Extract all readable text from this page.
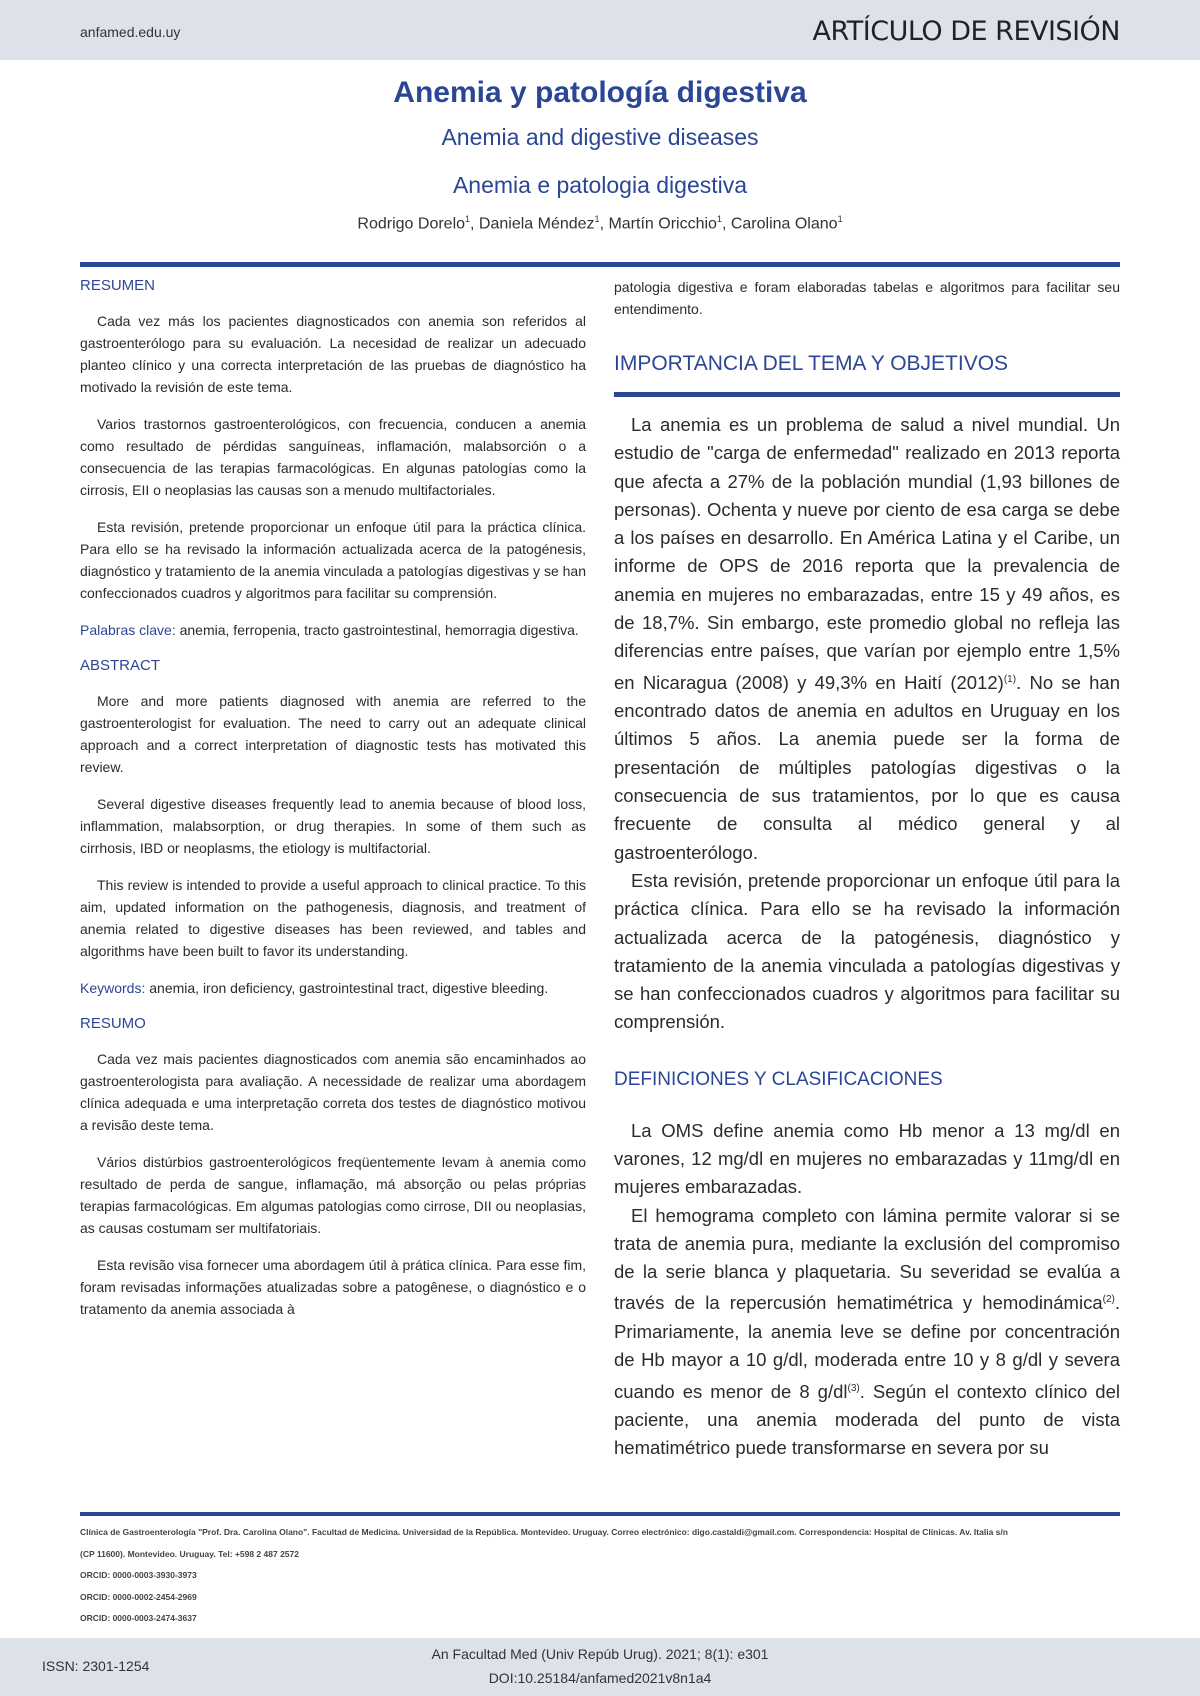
anfamed.edu.uy	ARTÍCULO DE REVISIÓN
Anemia y patología digestiva
Anemia and digestive diseases
Anemia e patologia digestiva
Rodrigo Dorelo$^1$, Daniela Méndez$^1$, Martín Oricchio$^1$, Carolina Olano$^1$
RESUMEN

Cada vez más los pacientes diagnosticados con anemia son referidos al gastroenterólogo para su evaluación. La necesidad de realizar un adecuado planteo clínico y una correcta interpretación de las pruebas de diagnóstico ha motivado la revisión de este tema.

Varios trastornos gastroenterológicos, con frecuencia, conducen a anemia como resultado de pérdidas sanguíneas, inflamación, malabsorción o a consecuencia de las terapias farmacológicas. En algunas patologías como la cirrosis, EII o neoplasias las causas son a menudo multifactoriales.

Esta revisión, pretende proporcionar un enfoque útil para la práctica clínica. Para ello se ha revisado la información actualizada acerca de la patogénesis, diagnóstico y tratamiento de la anemia vinculada a patologías digestivas y se han confeccionados cuadros y algoritmos para facilitar su comprensión.

Palabras clave: anemia, ferropenia, tracto gastrointestinal, hemorragia digestiva.

ABSTRACT

More and more patients diagnosed with anemia are referred to the gastroenterologist for evaluation. The need to carry out an adequate clinical approach and a correct interpretation of diagnostic tests has motivated this review.

Several digestive diseases frequently lead to anemia because of blood loss, inflammation, malabsorption, or drug therapies. In some of them such as cirrhosis, IBD or neoplasms, the etiology is multifactorial.

This review is intended to provide a useful approach to clinical practice. To this aim, updated information on the pathogenesis, diagnosis, and treatment of anemia related to digestive diseases has been reviewed, and tables and algorithms have been built to favor its understanding.

Keywords: anemia, iron deficiency, gastrointestinal tract, digestive bleeding.

RESUMO

Cada vez mais pacientes diagnosticados com anemia são encaminhados ao gastroenterologista para avaliação. A necessidade de realizar uma abordagem clínica adequada e uma interpretação correta dos testes de diagnóstico motivou a revisão deste tema.

Vários distúrbios gastroenterológicos freqüentemente levam à anemia como resultado de perda de sangue, inflamação, má absorção ou pelas próprias terapias farmacológicas. Em algumas patologias como cirrose, DII ou neoplasias, as causas costumam ser multifatoriais.

Esta revisão visa fornecer uma abordagem útil à prática clínica. Para esse fim, foram revisadas informações atualizadas sobre a patogênese, o diagnóstico e o tratamento da anemia associada à

patologia digestiva e foram elaboradas tabelas e algoritmos para facilitar seu entendimento.

IMPORTANCIA DEL TEMA Y OBJETIVOS

La anemia es un problema de salud a nivel mundial. Un estudio de "carga de enfermedad" realizado en 2013 reporta que afecta a 27% de la población mundial (1,93 billones de personas). Ochenta y nueve por ciento de esa carga se debe a los países en desarrollo. En América Latina y el Caribe, un informe de OPS de 2016 reporta que la prevalencia de anemia en mujeres no embarazadas, entre 15 y 49 años, es de 18,7%. Sin embargo, este promedio global no refleja las diferencias entre países, que varían por ejemplo entre 1,5% en Nicaragua (2008) y 49,3% en Haití $(2012)^{(1)}$. No se han encontrado datos de anemia en adultos en Uruguay en los últimos 5 años. La anemia puede ser la forma de presentación de múltiples patologías digestivas o la consecuencia de sus tratamientos, por lo que es causa frecuente de consulta al médico general y al gastroenterólogo.

Esta revisión, pretende proporcionar un enfoque útil para la práctica clínica. Para ello se ha revisado la información actualizada acerca de la patogénesis, diagnóstico y tratamiento de la anemia vinculada a patologías digestivas y se han confeccionados cuadros y algoritmos para facilitar su comprensión.

DEFINICIONES Y CLASIFICACIONES

La OMS define anemia como Hb menor a 13 mg/dl en varones, 12 mg/dl en mujeres no embarazadas y 11mg/dl en mujeres embarazadas.

El hemograma completo con lámina permite valorar si se trata de anemia pura, mediante la exclusión del compromiso de la serie blanca y plaquetaria. Su severidad se evalúa a través de la repercusión hematimétrica y hemodinámica$^{(2)}$. Primariamente, la anemia leve se define por concentración de Hb mayor a 10 g/dl, moderada entre 10 y 8 g/dl y severa cuando es menor de 8 $g/dl^{(3)}$. Según el contexto clínico del paciente, una anemia moderada del punto de vista hematimétrico puede transformarse en severa por su

Clínica de Gastroenterología "Prof. Dra. Carolina Olano". Facultad de Medicina. Universidad de la República. Montevideo. Uruguay. Correo electrónico: digo.castaldi@gmail.com. Correspondencia: Hospital de Clínicas. Av. Italia s/n
(CP 11600). Montevideo. Uruguay. Tel: +598 2 487 2572
ORCID: 0000-0003-3930-3973
ORCID: 0000-0002-2454-2969
ORCID: 0000-0003-2474-3637
ISSN: 2301-1254
An Facultad Med (Univ Repúb Urug). 2021; 8(1): e301
DOI:10.25184/anfamed2021v8n1a4
